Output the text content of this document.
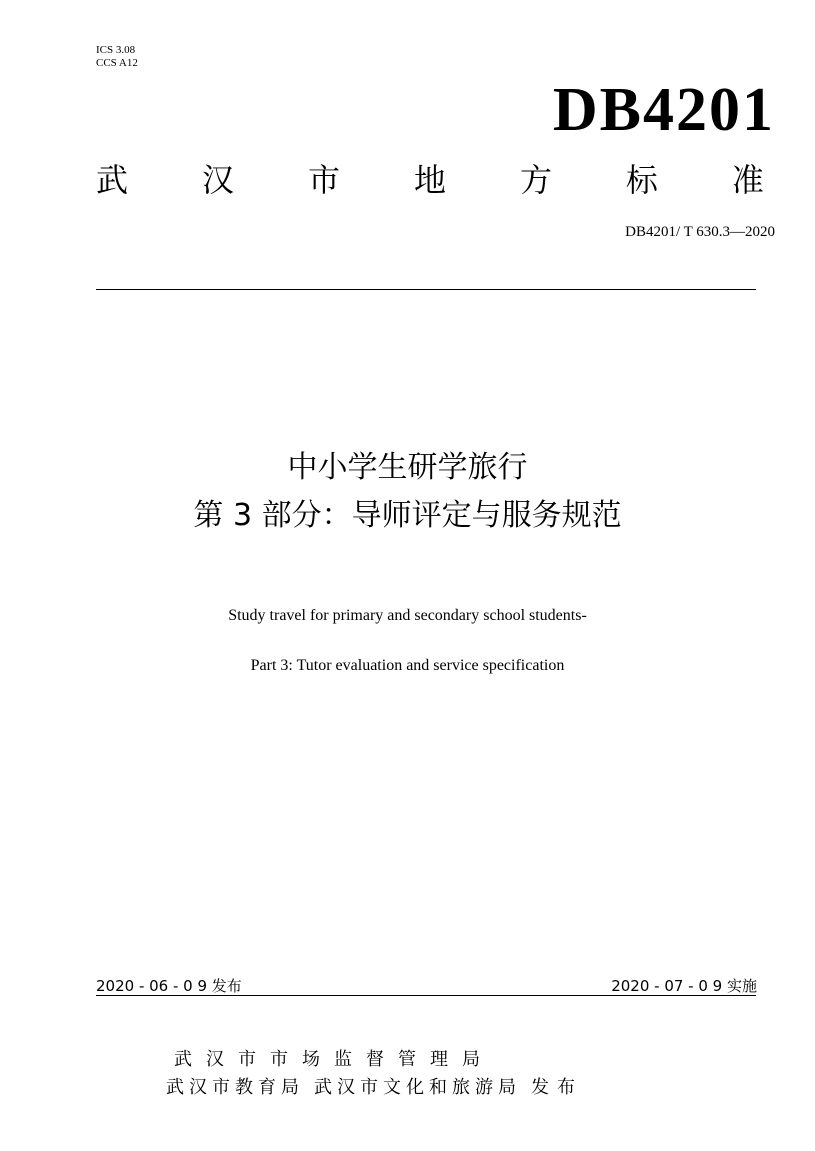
ICS 3.08
CCS A12
DB4201
武 汉 市 地 方 标 准
DB4201/ T 630.3—2020
中小学生研学旅行
第 3 部分：导师评定与服务规范
Study travel for primary and secondary school students-
Part 3: Tutor evaluation and service specification
2020 - 06 - 0 9 发布	2020 - 07 - 0 9 实施
武汉市市场监督管理局
武汉市教育局 武汉市文化和旅游局 发布
